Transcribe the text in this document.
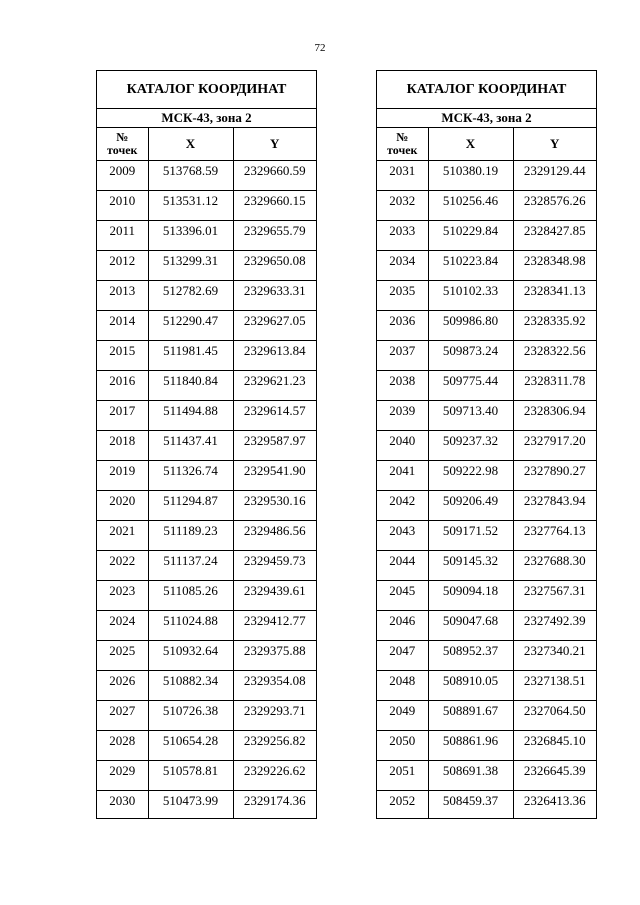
72
КАТАЛОГ КООРДИНАТ
МСК-43, зона 2
№
точек	X	Y
2009	513768.59	2329660.59
2010	513531.12	2329660.15
2011	513396.01	2329655.79
2012	513299.31	2329650.08
2013	512782.69	2329633.31
2014	512290.47	2329627.05
2015	511981.45	2329613.84
2016	511840.84	2329621.23
2017	511494.88	2329614.57
2018	511437.41	2329587.97
2019	511326.74	2329541.90
2020	511294.87	2329530.16
2021	511189.23	2329486.56
2022	511137.24	2329459.73
2023	511085.26	2329439.61
2024	511024.88	2329412.77
2025	510932.64	2329375.88
2026	510882.34	2329354.08
2027	510726.38	2329293.71
2028	510654.28	2329256.82
2029	510578.81	2329226.62
2030	510473.99	2329174.36
КАТАЛОГ КООРДИНАТ
МСК-43, зона 2
№
точек	X	Y
2031	510380.19	2329129.44
2032	510256.46	2328576.26
2033	510229.84	2328427.85
2034	510223.84	2328348.98
2035	510102.33	2328341.13
2036	509986.80	2328335.92
2037	509873.24	2328322.56
2038	509775.44	2328311.78
2039	509713.40	2328306.94
2040	509237.32	2327917.20
2041	509222.98	2327890.27
2042	509206.49	2327843.94
2043	509171.52	2327764.13
2044	509145.32	2327688.30
2045	509094.18	2327567.31
2046	509047.68	2327492.39
2047	508952.37	2327340.21
2048	508910.05	2327138.51
2049	508891.67	2327064.50
2050	508861.96	2326845.10
2051	508691.38	2326645.39
2052	508459.37	2326413.36
